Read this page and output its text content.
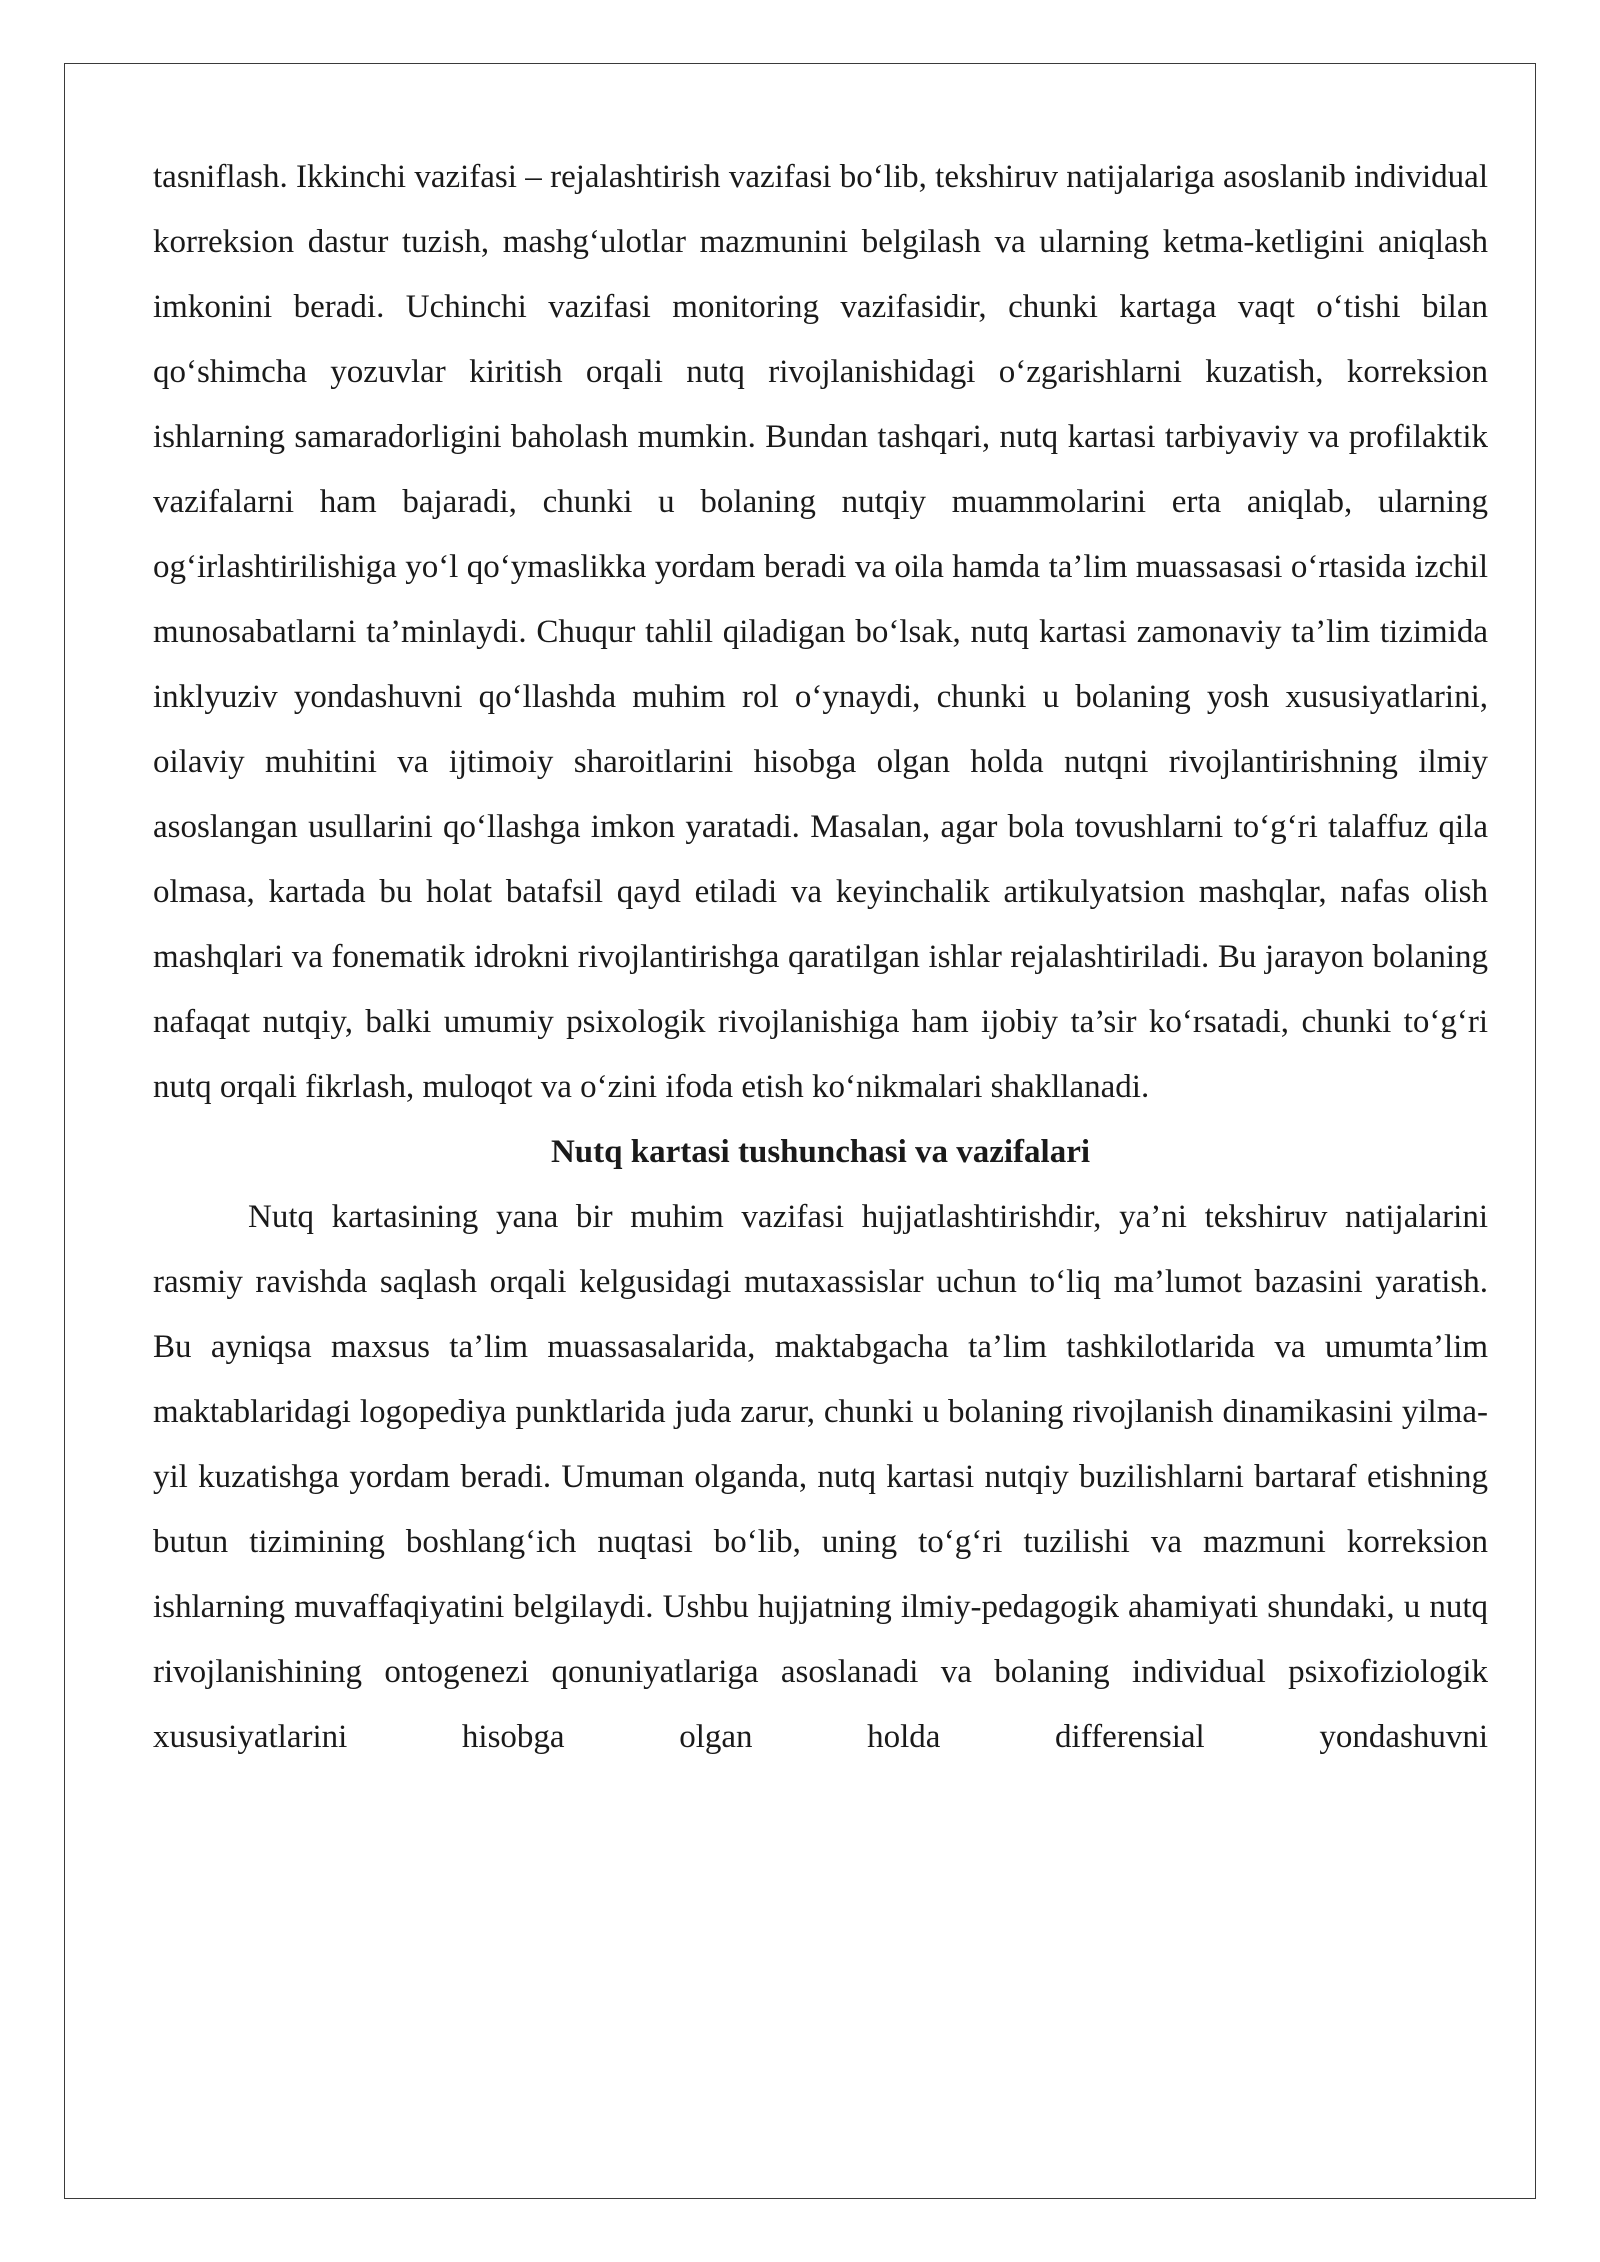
tasniflash. Ikkinchi vazifasi – rejalashtirish vazifasi bo‘lib, tekshiruv natijalariga asoslanib individual korreksion dastur tuzish, mashg‘ulotlar mazmunini belgilash va ularning ketma-ketligini aniqlash imkonini beradi. Uchinchi vazifasi monitoring vazifasidir, chunki kartaga vaqt o‘tishi bilan qo‘shimcha yozuvlar kiritish orqali nutq rivojlanishidagi o‘zgarishlarni kuzatish, korreksion ishlarning samaradorligini baholash mumkin. Bundan tashqari, nutq kartasi tarbiyaviy va profilaktik vazifalarni ham bajaradi, chunki u bolaning nutqiy muammolarini erta aniqlab, ularning og‘irlashtirilishiga yo‘l qo‘ymaslikka yordam beradi va oila hamda ta’lim muassasasi o‘rtasida izchil munosabatlarni ta’minlaydi. Chuqur tahlil qiladigan bo‘lsak, nutq kartasi zamonaviy ta’lim tizimida inklyuziv yondashuvni qo‘llashda muhim rol o‘ynaydi, chunki u bolaning yosh xususiyatlarini, oilaviy muhitini va ijtimoiy sharoitlarini hisobga olgan holda nutqni rivojlantirishning ilmiy asoslangan usullarini qo‘llashga imkon yaratadi. Masalan, agar bola tovushlarni to‘g‘ri talaffuz qila olmasa, kartada bu holat batafsil qayd etiladi va keyinchalik artikulyatsion mashqlar, nafas olish mashqlari va fonematik idrokni rivojlantirishga qaratilgan ishlar rejalashtiriladi. Bu jarayon bolaning nafaqat nutqiy, balki umumiy psixologik rivojlanishiga ham ijobiy ta’sir ko‘rsatadi, chunki to‘g‘ri nutq orqali fikrlash, muloqot va o‘zini ifoda etish ko‘nikmalari shakllanadi.

Nutq kartasi tushunchasi va vazifalari

Nutq kartasining yana bir muhim vazifasi hujjatlashtirishdir, ya’ni tekshiruv natijalarini rasmiy ravishda saqlash orqali kelgusidagi mutaxassislar uchun to‘liq ma’lumot bazasini yaratish. Bu ayniqsa maxsus ta’lim muassasalarida, maktabgacha ta’lim tashkilotlarida va umumta’lim maktablaridagi logopediya punktlarida juda zarur, chunki u bolaning rivojlanish dinamikasini yilma-yil kuzatishga yordam beradi. Umuman olganda, nutq kartasi nutqiy buzilishlarni bartaraf etishning butun tizimining boshlang‘ich nuqtasi bo‘lib, uning to‘g‘ri tuzilishi va mazmuni korreksion ishlarning muvaffaqiyatini belgilaydi. Ushbu hujjatning ilmiy-pedagogik ahamiyati shundaki, u nutq rivojlanishining ontogenezi qonuniyatlariga asoslanadi va bolaning individual psixofiziologik xususiyatlarini hisobga olgan holda differensial yondashuvni
